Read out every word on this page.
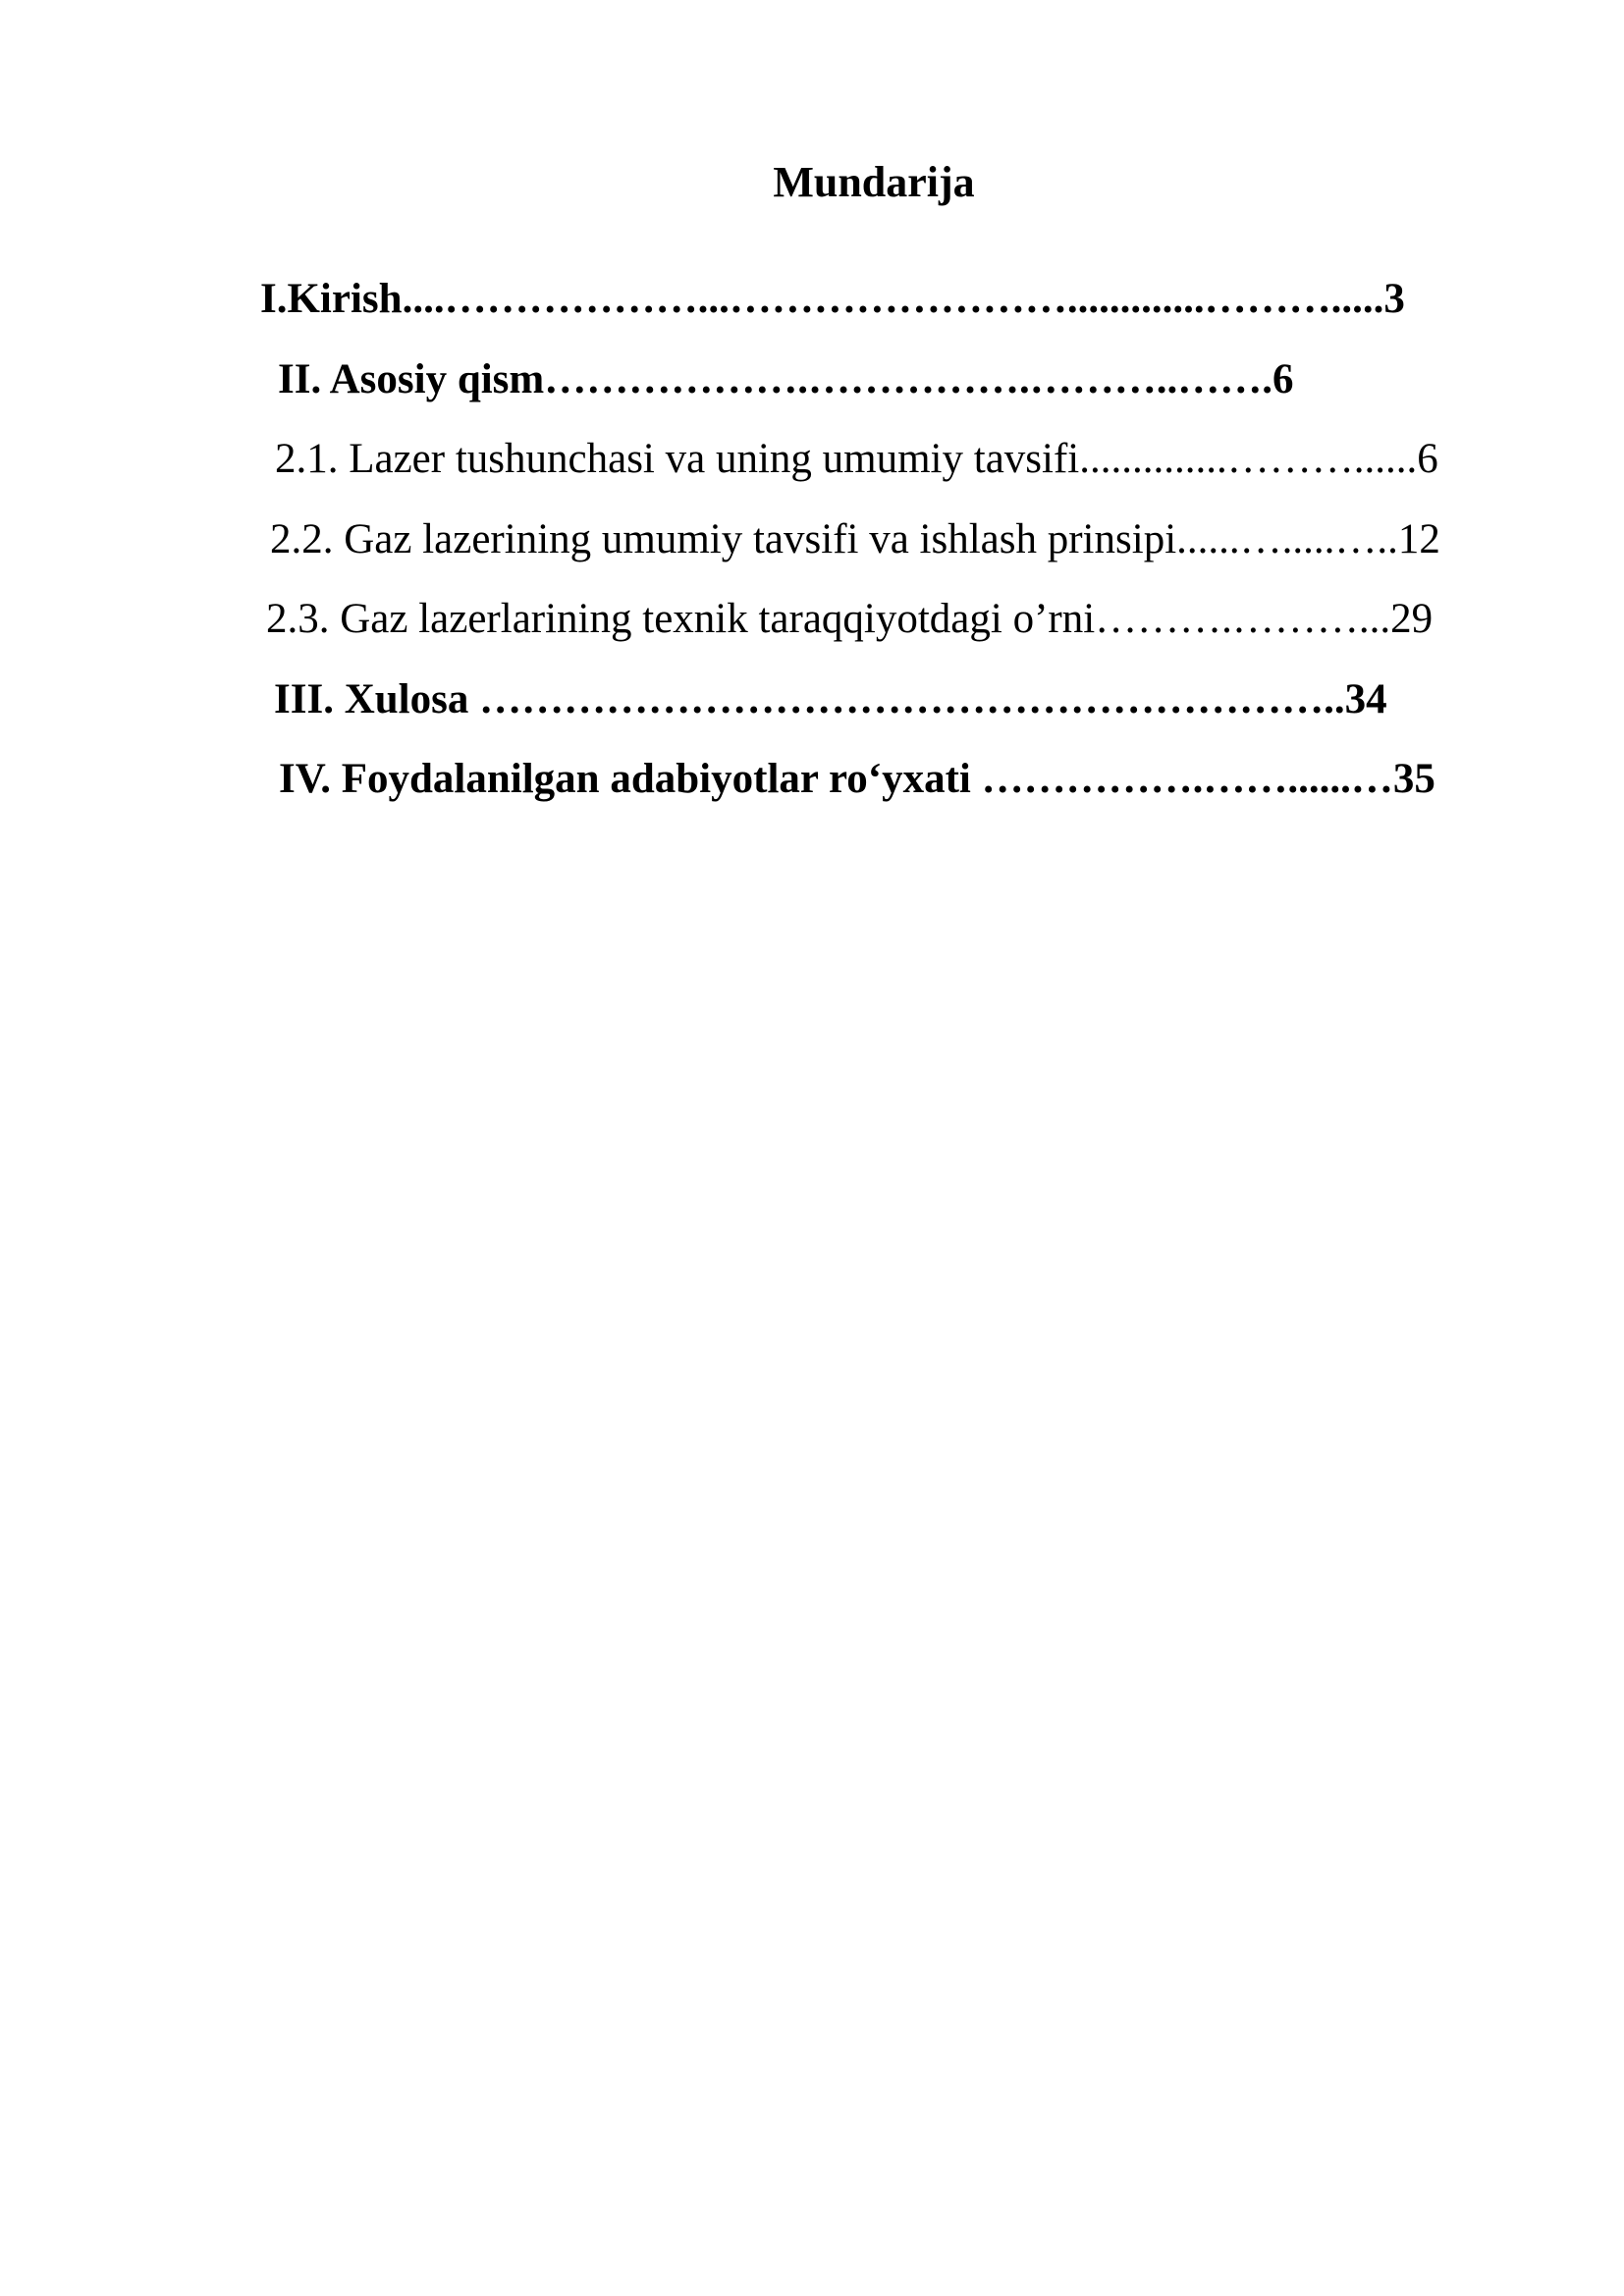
Mundarija
I.Kirish....………………...…………………….............……….....3
II. Asosiy qism……………….…………….………..…….6
2.1. Lazer tushunchasi va uning umumiy tavsifi..............………......6
2.2. Gaz lazerining umumiy tavsifi va ishlash prinsipi......….....…..12
2.3. Gaz lazerlarining texnik taraqqiyotdagi o’rni……….………...29
III. Xulosa ……………………………………………………..34
IV. Foydalanilgan adabiyotlar ro‘yxati …………….……......…35
